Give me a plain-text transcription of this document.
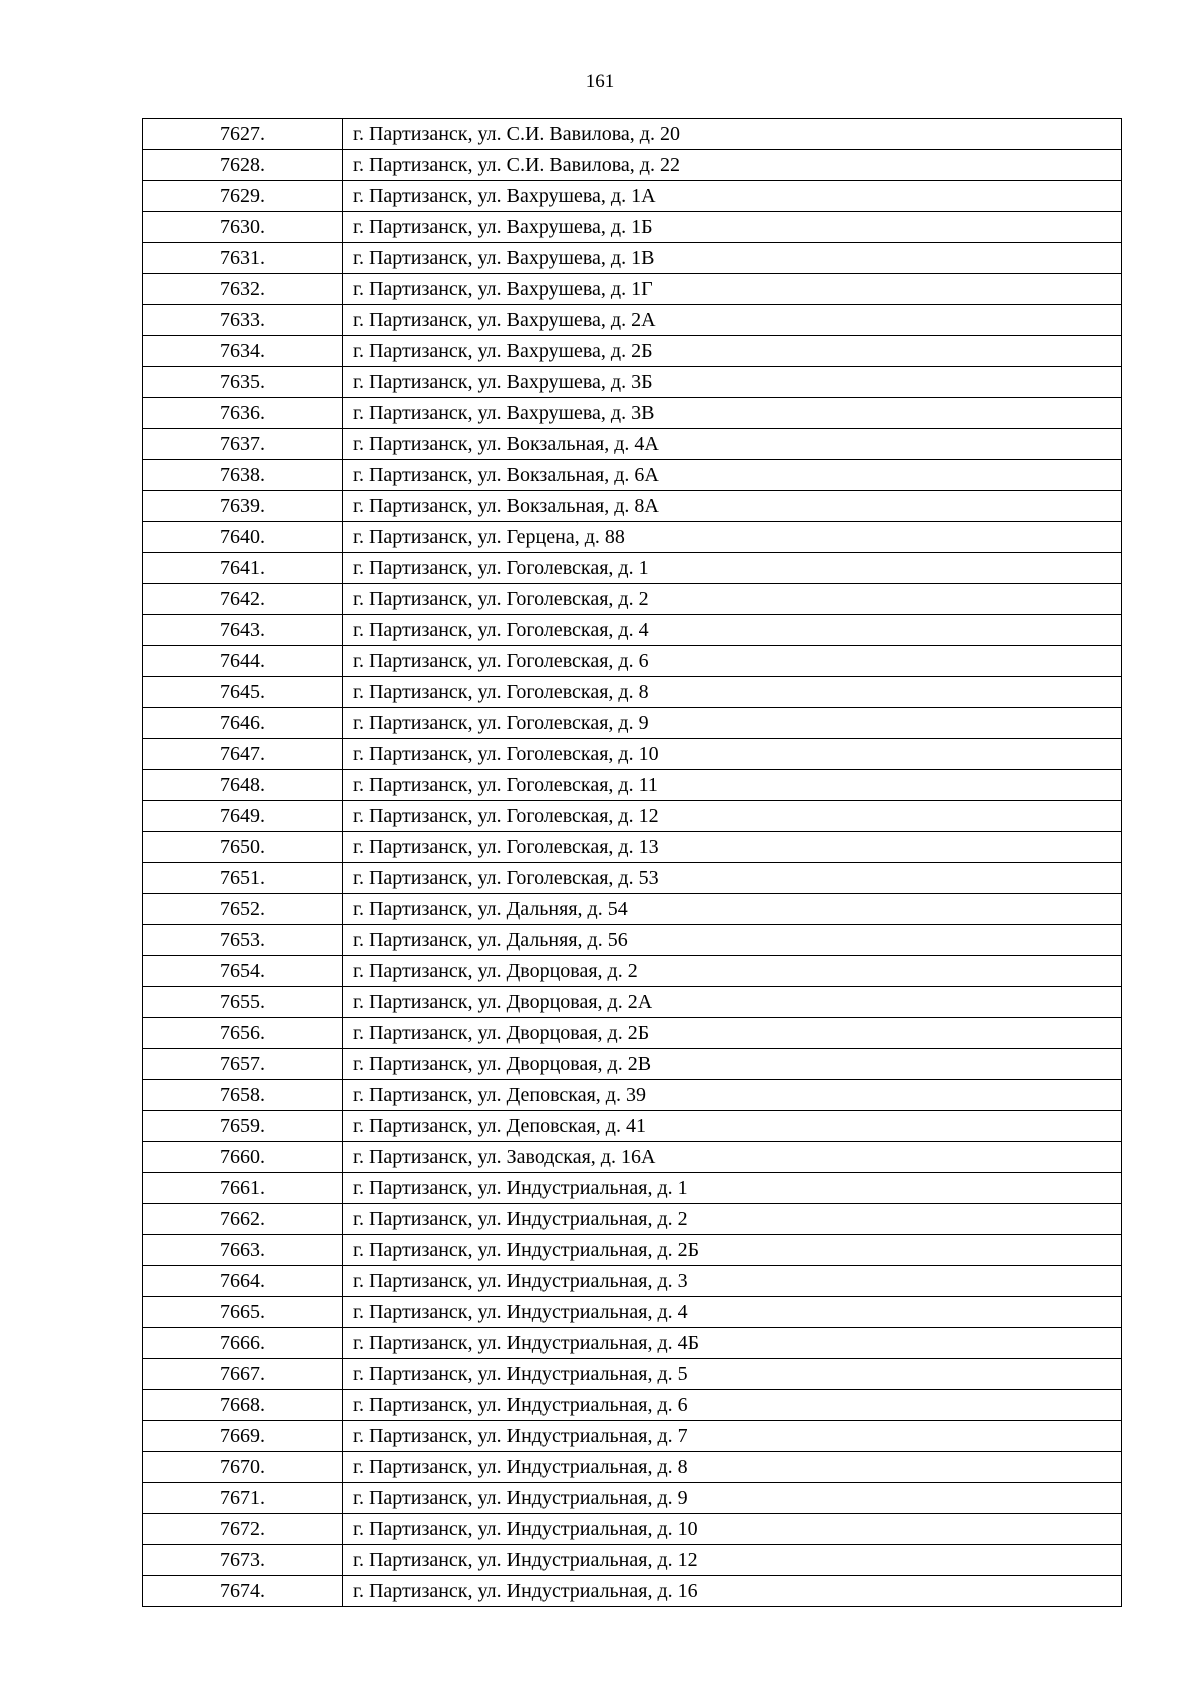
161
7627.	г. Партизанск, ул. С.И. Вавилова, д. 20
7628.	г. Партизанск, ул. С.И. Вавилова, д. 22
7629.	г. Партизанск, ул. Вахрушева, д. 1А
7630.	г. Партизанск, ул. Вахрушева, д. 1Б
7631.	г. Партизанск, ул. Вахрушева, д. 1В
7632.	г. Партизанск, ул. Вахрушева, д. 1Г
7633.	г. Партизанск, ул. Вахрушева, д. 2А
7634.	г. Партизанск, ул. Вахрушева, д. 2Б
7635.	г. Партизанск, ул. Вахрушева, д. 3Б
7636.	г. Партизанск, ул. Вахрушева, д. 3В
7637.	г. Партизанск, ул. Вокзальная, д. 4А
7638.	г. Партизанск, ул. Вокзальная, д. 6А
7639.	г. Партизанск, ул. Вокзальная, д. 8А
7640.	г. Партизанск, ул. Герцена, д. 88
7641.	г. Партизанск, ул. Гоголевская, д. 1
7642.	г. Партизанск, ул. Гоголевская, д. 2
7643.	г. Партизанск, ул. Гоголевская, д. 4
7644.	г. Партизанск, ул. Гоголевская, д. 6
7645.	г. Партизанск, ул. Гоголевская, д. 8
7646.	г. Партизанск, ул. Гоголевская, д. 9
7647.	г. Партизанск, ул. Гоголевская, д. 10
7648.	г. Партизанск, ул. Гоголевская, д. 11
7649.	г. Партизанск, ул. Гоголевская, д. 12
7650.	г. Партизанск, ул. Гоголевская, д. 13
7651.	г. Партизанск, ул. Гоголевская, д. 53
7652.	г. Партизанск, ул. Дальняя, д. 54
7653.	г. Партизанск, ул. Дальняя, д. 56
7654.	г. Партизанск, ул. Дворцовая, д. 2
7655.	г. Партизанск, ул. Дворцовая, д. 2А
7656.	г. Партизанск, ул. Дворцовая, д. 2Б
7657.	г. Партизанск, ул. Дворцовая, д. 2В
7658.	г. Партизанск, ул. Деповская, д. 39
7659.	г. Партизанск, ул. Деповская, д. 41
7660.	г. Партизанск, ул. Заводская, д. 16А
7661.	г. Партизанск, ул. Индустриальная, д. 1
7662.	г. Партизанск, ул. Индустриальная, д. 2
7663.	г. Партизанск, ул. Индустриальная, д. 2Б
7664.	г. Партизанск, ул. Индустриальная, д. 3
7665.	г. Партизанск, ул. Индустриальная, д. 4
7666.	г. Партизанск, ул. Индустриальная, д. 4Б
7667.	г. Партизанск, ул. Индустриальная, д. 5
7668.	г. Партизанск, ул. Индустриальная, д. 6
7669.	г. Партизанск, ул. Индустриальная, д. 7
7670.	г. Партизанск, ул. Индустриальная, д. 8
7671.	г. Партизанск, ул. Индустриальная, д. 9
7672.	г. Партизанск, ул. Индустриальная, д. 10
7673.	г. Партизанск, ул. Индустриальная, д. 12
7674.	г. Партизанск, ул. Индустриальная, д. 16
